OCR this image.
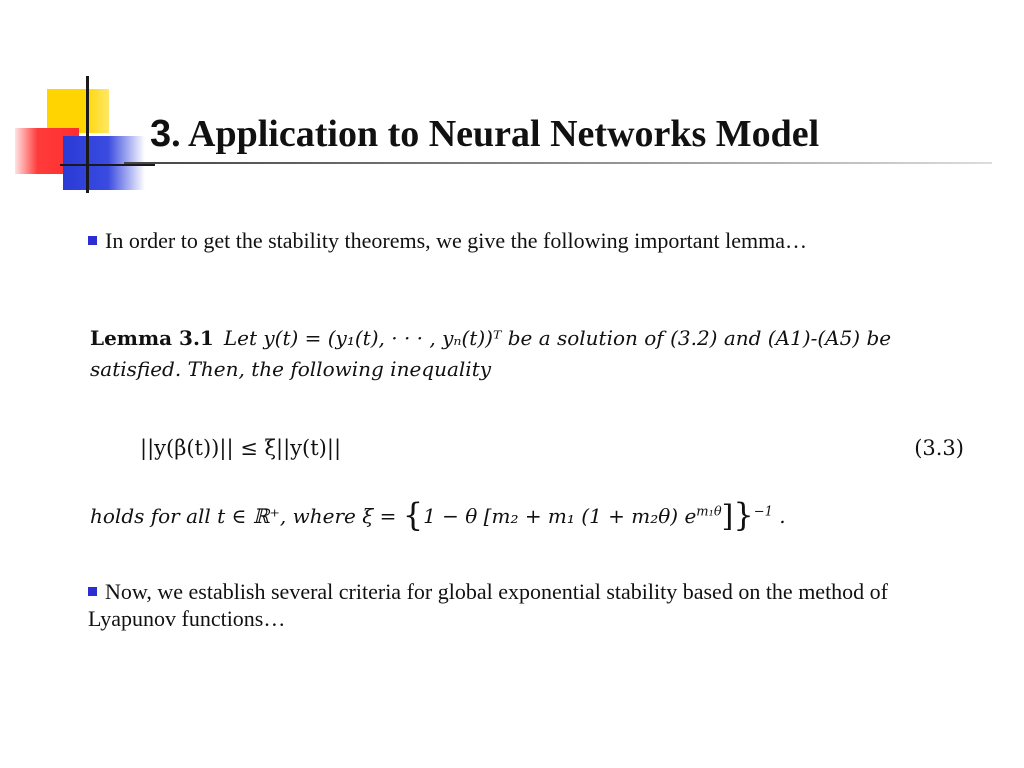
3. Application to Neural Networks Model
In order to get the stability theorems, we give the following important lemma…
Lemma 3.1 Let y(t) = (y₁(t), · · · , yₙ(t))ᵀ be a solution of (3.2) and (A1)-(A5) be satisfied. Then, the following inequality
||y(β(t))|| ≤ ξ||y(t)||	(3.3)
holds for all t ∈ ℝ⁺, where ξ = {1 − θ [m₂ + m₁ (1 + m₂θ) $e^{m_1\theta}]\}^{-1}$ .
Now, we establish several criteria for global exponential stability based on the method of Lyapunov functions…
